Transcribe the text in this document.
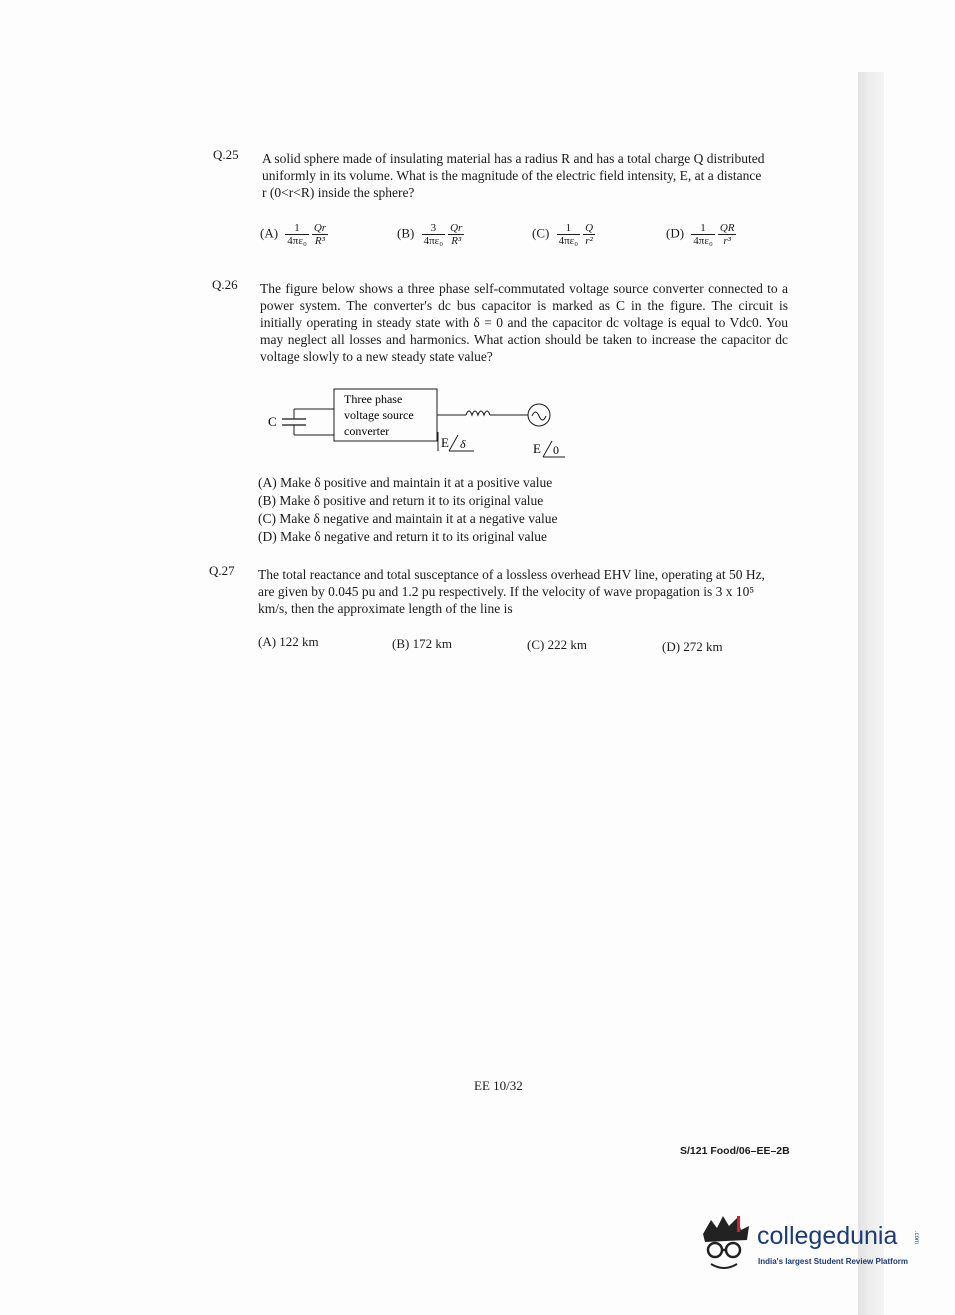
Q.25 A solid sphere made of insulating material has a radius R and has a total charge Q distributed uniformly in its volume. What is the magnitude of the electric field intensity, E, at a distance r (0<r<R) inside the sphere?
$(A) \frac{1}{\text{4πε₀}} \frac{Qr}{\text{R³}}$	$(B) \frac{3}{\text{4πε₀}} \frac{Qr}{\text{R³}}$	$(C) \frac{1}{\text{4πε₀}} \frac{Q}{\text{r²}}$	$(D) \frac{1}{\text{4πε₀}} \frac{QR}{\text{r³}}$
Q.26 The figure below shows a three phase self-commutated voltage source converter connected to a power system. The converter's dc bus capacitor is marked as C in the figure. The circuit is initially operating in steady state with δ = 0 and the capacitor dc voltage is equal to Vdc0. You may neglect all losses and harmonics. What action should be taken to increase the capacitor dc voltage slowly to a new steady state value?
C
Three phase
voltage source
converter
E δ	E 0
(A) Make δ positive and maintain it at a positive value
(B) Make δ positive and return it to its original value
(C) Make δ negative and maintain it at a negative value
(D) Make δ negative and return it to its original value
Q.27 The total reactance and total susceptance of a lossless overhead EHV line, operating at 50 Hz, are given by 0.045 pu and 1.2 pu respectively. If the velocity of wave propagation is 3 x 10⁵ km/s, then the approximate length of the line is
(A) 122 km	(B) 172 km	(C) 222 km	(D) 272 km
EE 10/32
S/121 Food/06–EE–2B
collegedunia	.com
India's largest Student Review Platform
